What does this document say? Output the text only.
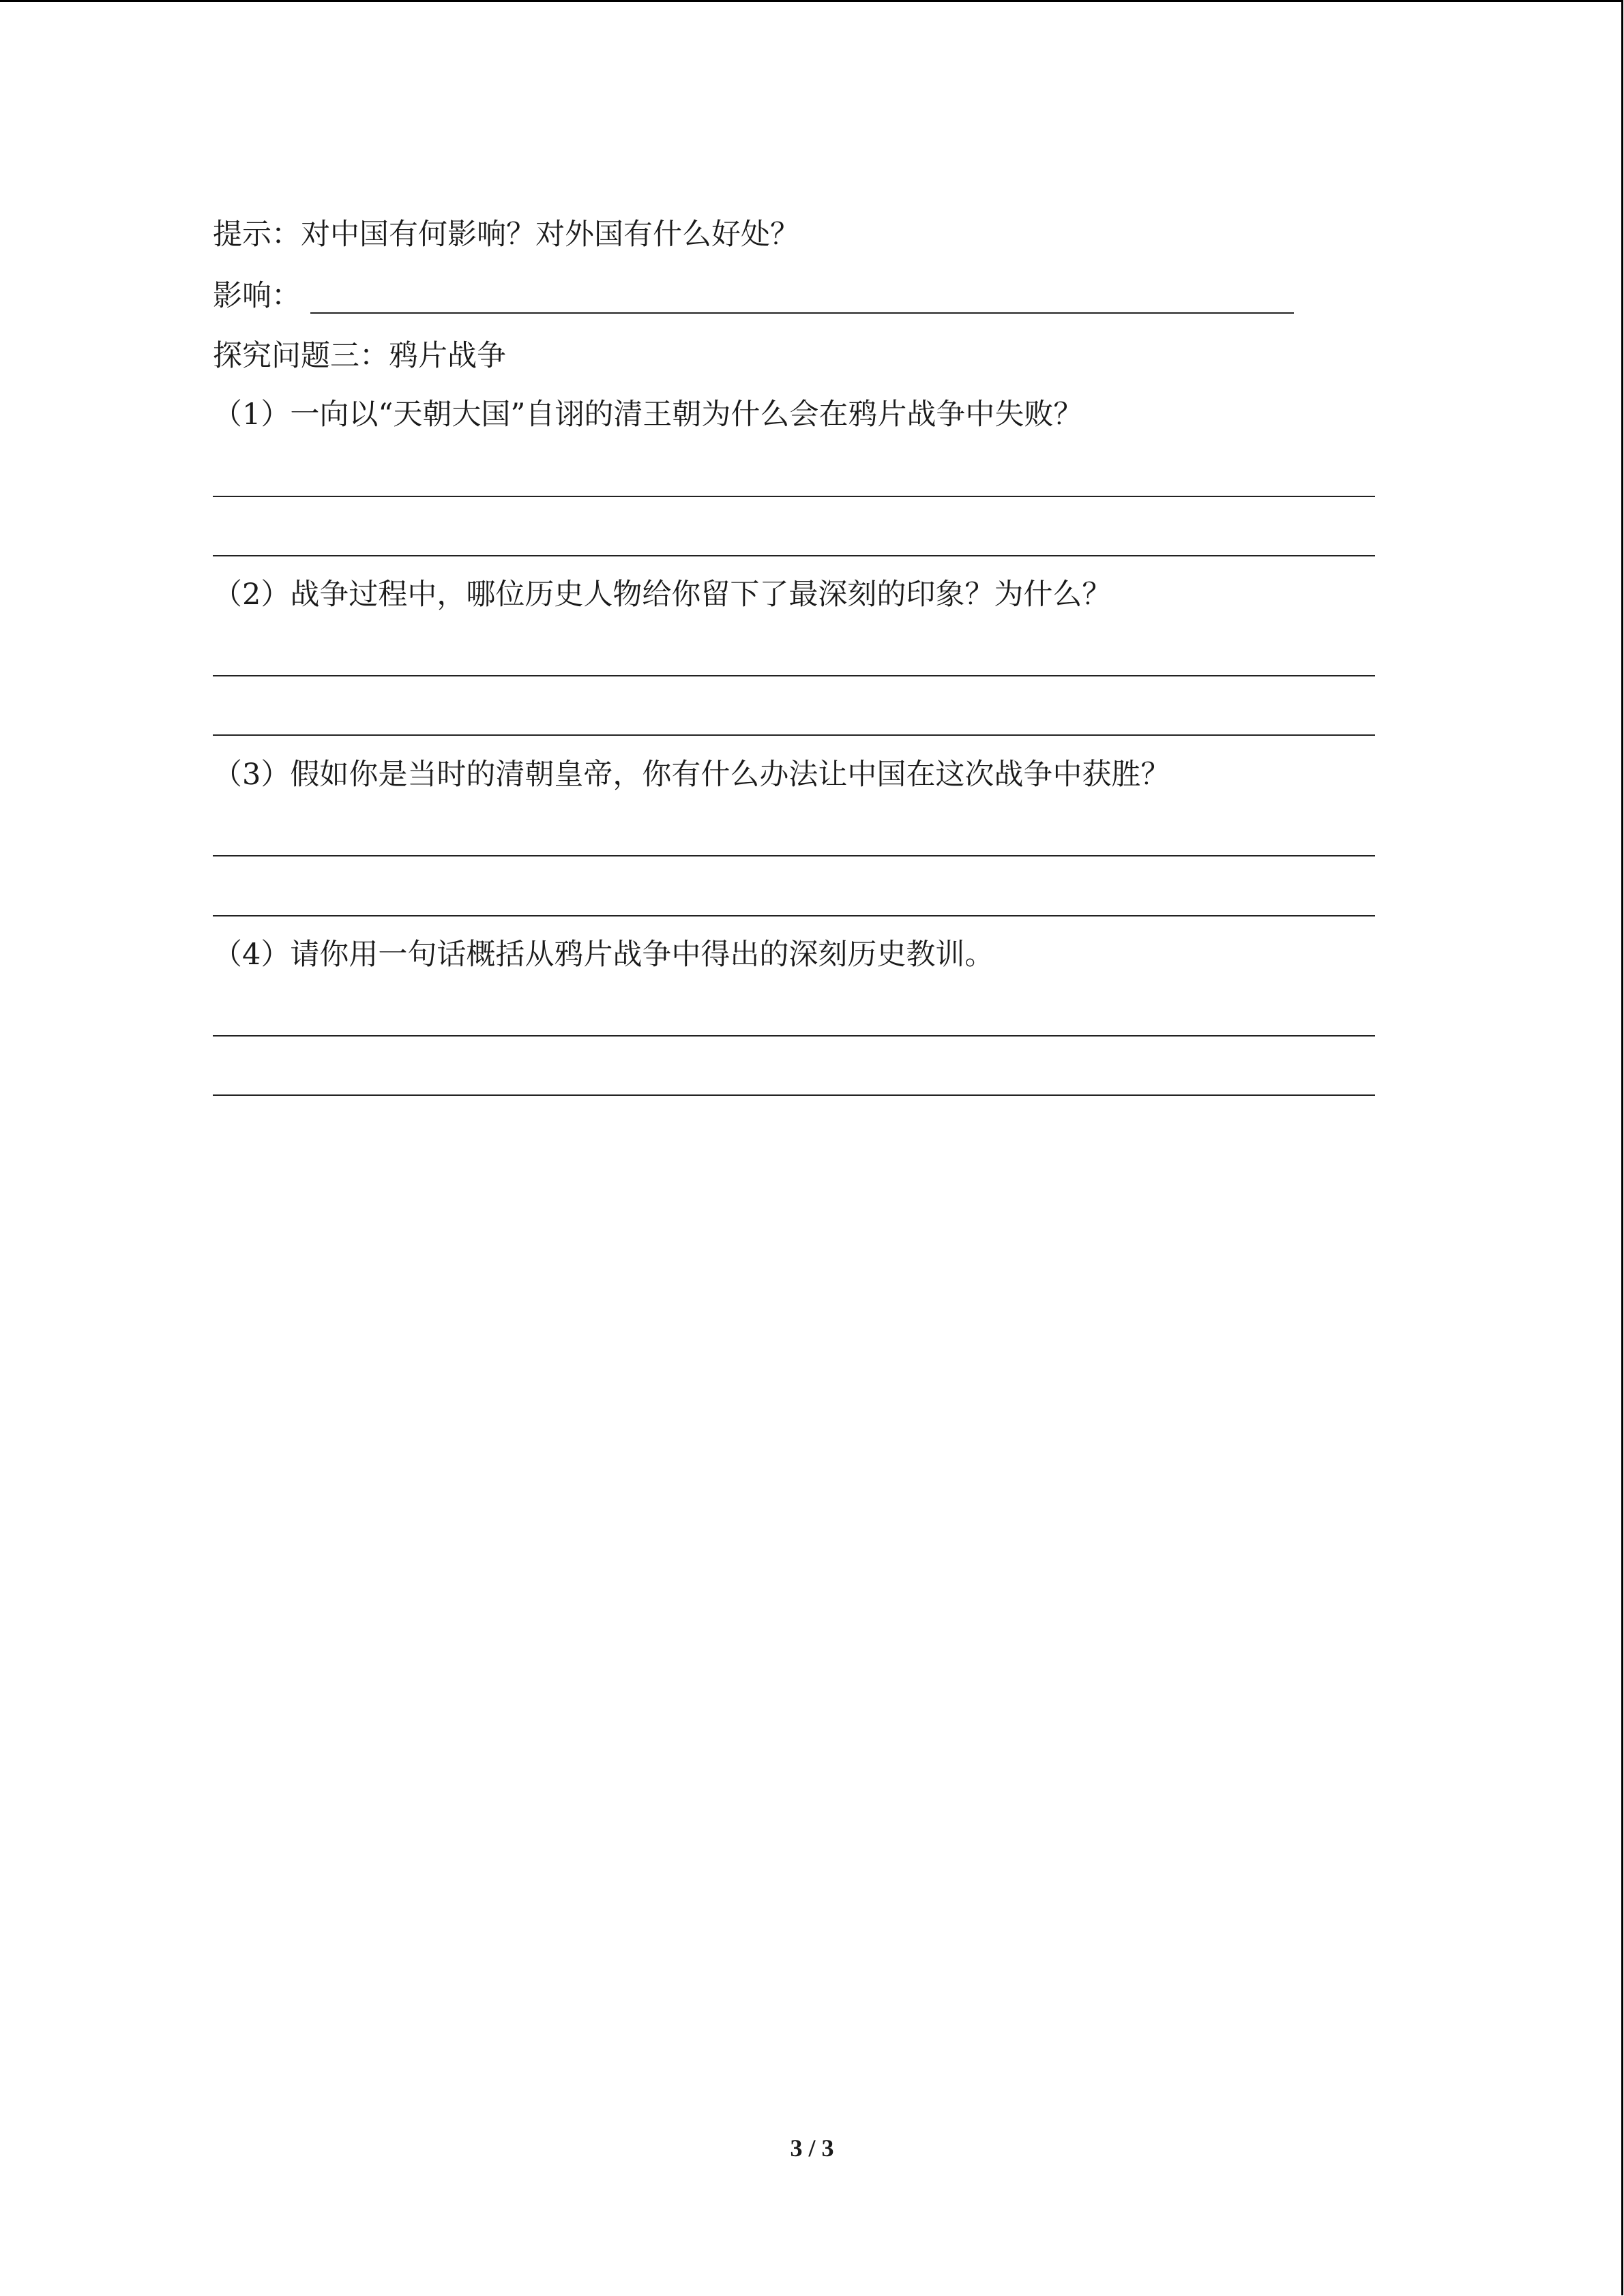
提示：对中国有何影响？对外国有什么好处？

影响：

探究问题三：鸦片战争

（1）一向以“天朝大国”自诩的清王朝为什么会在鸦片战争中失败？

（2）战争过程中，哪位历史人物给你留下了最深刻的印象？为什么？

（3）假如你是当时的清朝皇帝，你有什么办法让中国在这次战争中获胜？

（4）请你用一句话概括从鸦片战争中得出的深刻历史教训。

3 / 3
